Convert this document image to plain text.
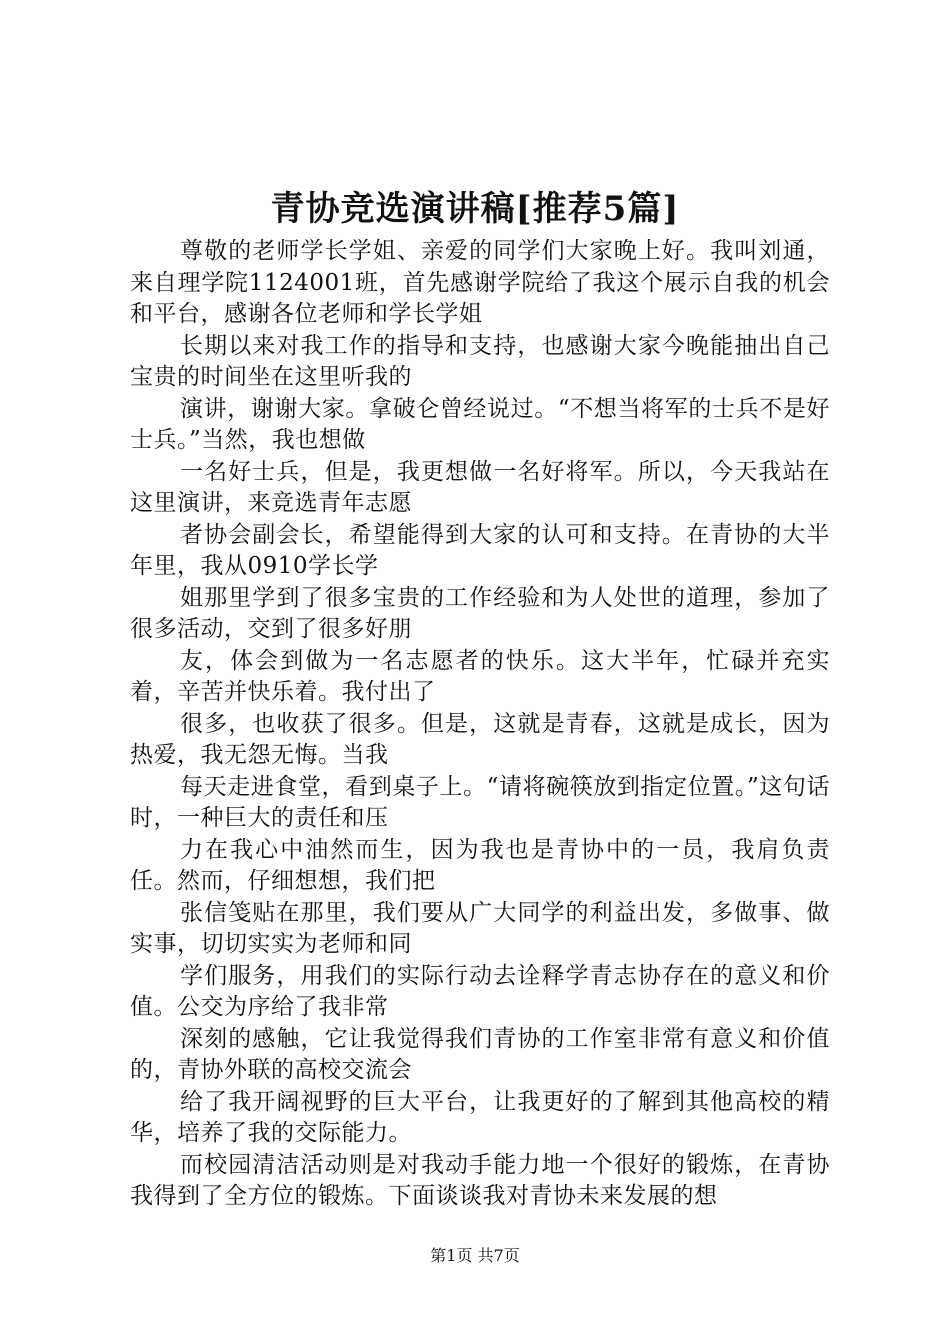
青协竞选演讲稿[推荐5篇]

尊敬的老师学长学姐、亲爱的同学们大家晚上好。我叫刘通，来自理学院1124001班，首先感谢学院给了我这个展示自我的机会和平台，感谢各位老师和学长学姐

长期以来对我工作的指导和支持，也感谢大家今晚能抽出自己宝贵的时间坐在这里听我的

演讲，谢谢大家。拿破仑曾经说过。“不想当将军的士兵不是好士兵。”当然，我也想做

一名好士兵，但是，我更想做一名好将军。所以，今天我站在这里演讲，来竞选青年志愿

者协会副会长，希望能得到大家的认可和支持。在青协的大半年里，我从0910学长学

姐那里学到了很多宝贵的工作经验和为人处世的道理，参加了很多活动，交到了很多好朋

友，体会到做为一名志愿者的快乐。这大半年，忙碌并充实着，辛苦并快乐着。我付出了

很多，也收获了很多。但是，这就是青春，这就是成长，因为热爱，我无怨无悔。当我

每天走进食堂，看到桌子上。“请将碗筷放到指定位置。”这句话时，一种巨大的责任和压

力在我心中油然而生，因为我也是青协中的一员，我肩负责任。然而，仔细想想，我们把

张信笺贴在那里，我们要从广大同学的利益出发，多做事、做实事，切切实实为老师和同

学们服务，用我们的实际行动去诠释学青志协存在的意义和价值。公交为序给了我非常

深刻的感触，它让我觉得我们青协的工作室非常有意义和价值的，青协外联的高校交流会

给了我开阔视野的巨大平台，让我更好的了解到其他高校的精华，培养了我的交际能力。

而校园清洁活动则是对我动手能力地一个很好的锻炼，在青协我得到了全方位的锻炼。下面谈谈我对青协未来发展的想

第1页 共7页
